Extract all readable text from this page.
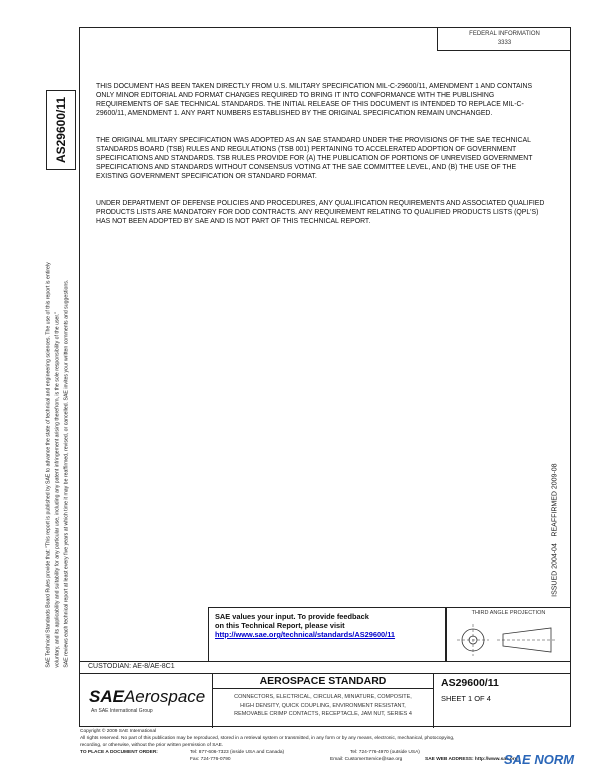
FEDERAL INFORMATION
3333
AS29600/11
SAE Technical Standards Board Rules provide that: "This report is published by SAE to advance the state of technical and engineering sciences. The use of this report is entirely voluntary, and its applicability and suitability for any particular use, including any patent infringement arising therefrom, is the sole responsibility of the user." SAE reviews each technical report at least every five years at which time it may be reaffirmed, revised, or cancelled. SAE invites your written comments and suggestions.
THIS DOCUMENT HAS BEEN TAKEN DIRECTLY FROM U.S. MILITARY SPECIFICATION MIL-C-29600/11, AMENDMENT 1 AND CONTAINS ONLY MINOR EDITORIAL AND FORMAT CHANGES REQUIRED TO BRING IT INTO CONFORMANCE WITH THE PUBLISHING REQUIREMENTS OF SAE TECHNICAL STANDARDS. THE INITIAL RELEASE OF THIS DOCUMENT IS INTENDED TO REPLACE MIL-C-29600/11, AMENDMENT 1. ANY PART NUMBERS ESTABLISHED BY THE ORIGINAL SPECIFICATION REMAIN UNCHANGED.
THE ORIGINAL MILITARY SPECIFICATION WAS ADOPTED AS AN SAE STANDARD UNDER THE PROVISIONS OF THE SAE TECHNICAL STANDARDS BOARD (TSB) RULES AND REGULATIONS (TSB 001) PERTAINING TO ACCELERATED ADOPTION OF GOVERNMENT SPECIFICATIONS AND STANDARDS. TSB RULES PROVIDE FOR (A) THE PUBLICATION OF PORTIONS OF UNREVISED GOVERNMENT SPECIFICATIONS AND STANDARDS WITHOUT CONSENSUS VOTING AT THE SAE COMMITTEE LEVEL, AND (B) THE USE OF THE EXISTING GOVERNMENT SPECIFICATION OR STANDARD FORMAT.
UNDER DEPARTMENT OF DEFENSE POLICIES AND PROCEDURES, ANY QUALIFICATION REQUIREMENTS AND ASSOCIATED QUALIFIED PRODUCTS LISTS ARE MANDATORY FOR DOD CONTRACTS. ANY REQUIREMENT RELATING TO QUALIFIED PRODUCTS LISTS (QPL'S) HAS NOT BEEN ADOPTED BY SAE AND IS NOT PART OF THIS TECHNICAL REPORT.
REAFFIRMED 2009-08
ISSUED 2004-04
SAE values your input. To provide feedback
on this Technical Report, please visit
http://www.sae.org/technical/standards/AS29600/11
THIRD ANGLE PROJECTION
CUSTODIAN: AE-8/AE-8C1
SAEAerospace
An SAE International Group
AEROSPACE STANDARD
CONNECTORS, ELECTRICAL, CIRCULAR, MINIATURE, COMPOSITE,
HIGH DENSITY, QUICK COUPLING, ENVIRONMENT RESISTANT,
REMOVABLE CRIMP CONTACTS, RECEPTACLE, JAM NUT, SERIES 4
AS29600/11
SHEET 1 OF 4
Copyright © 2009 SAE International
All rights reserved. No part of this publication may be reproduced, stored in a retrieval system or transmitted, in any form or by any means, electronic, mechanical, photocopying,
recording, or otherwise, without the prior written permission of SAE.
TO PLACE A DOCUMENT ORDER:	Tel: 877-606-7323 (inside USA and Canada)	Tel: 724-776-4970 (outside USA)
Fax: 724-776-0790	Email: CustomerService@sae.org	SAE WEB ADDRESS: http://www.sae.org
SAE NORM
